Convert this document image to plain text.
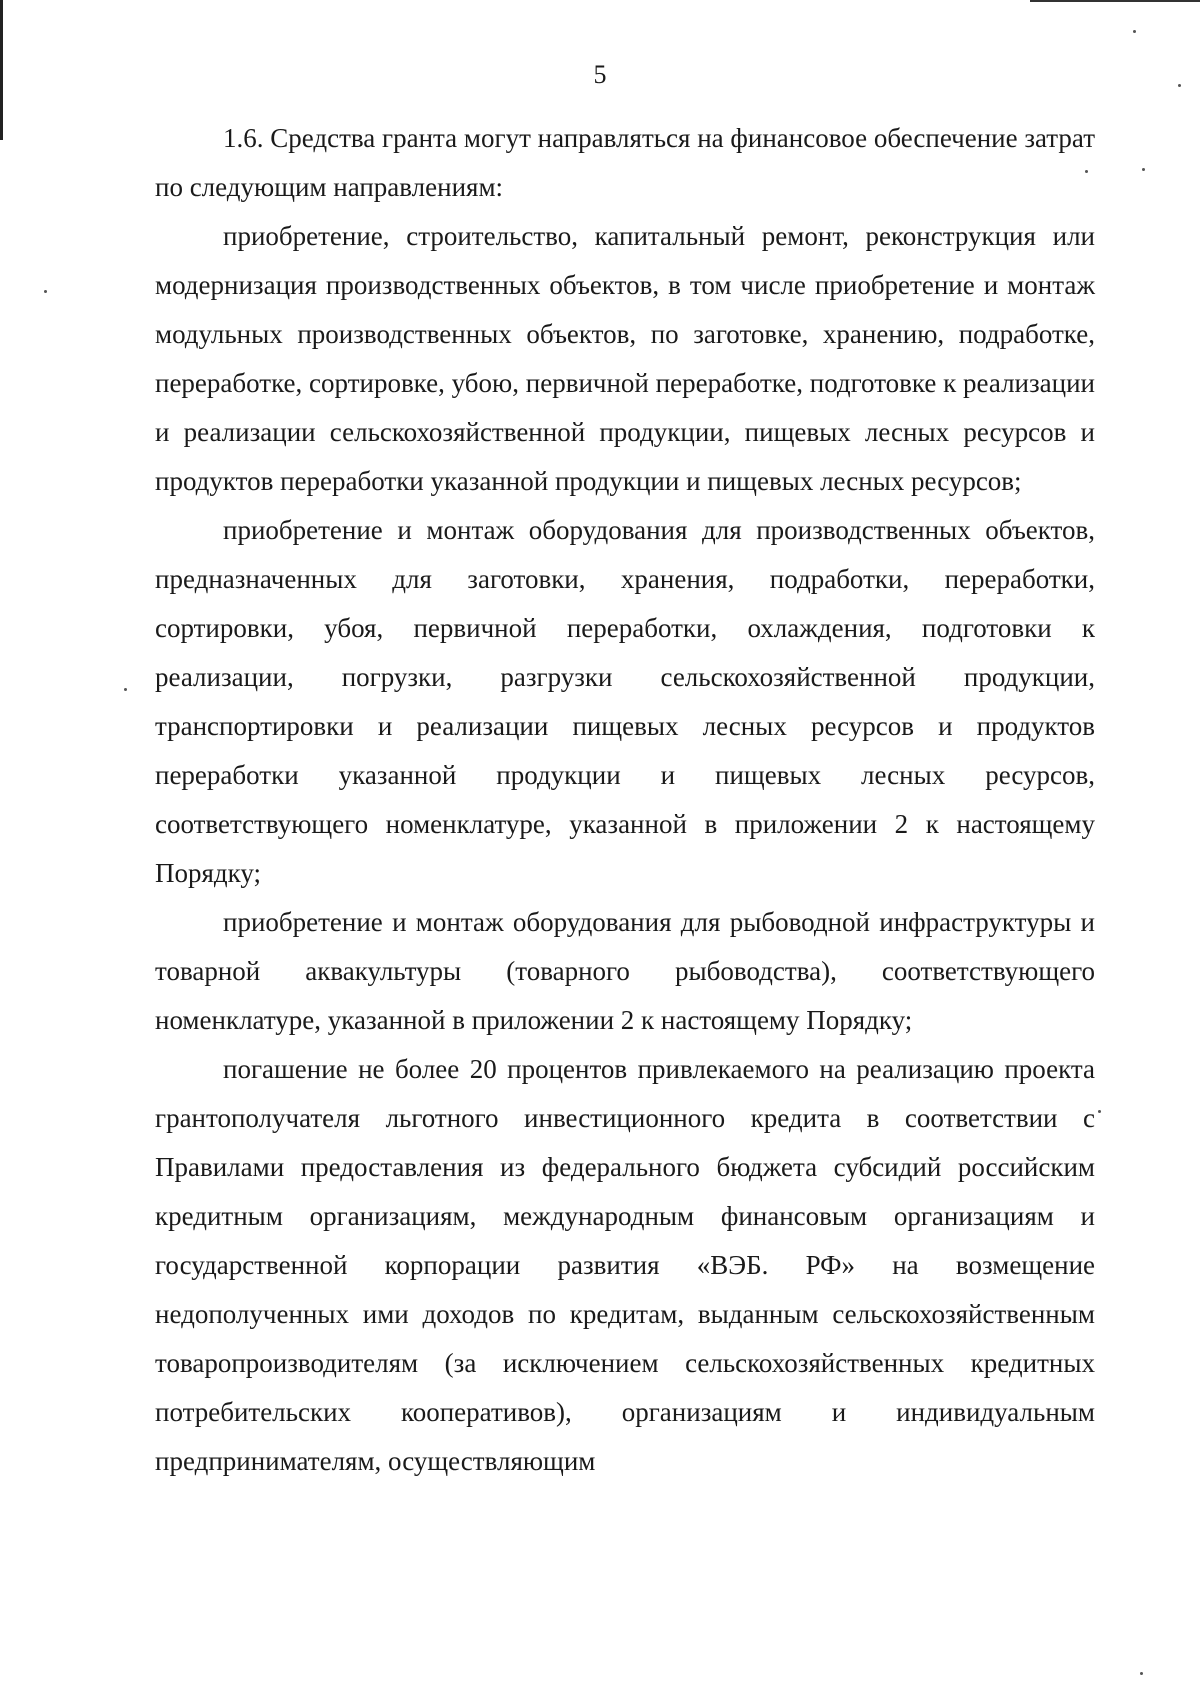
5

1.6. Средства гранта могут направляться на финансовое обеспечение затрат по следующим направлениям:

приобретение, строительство, капитальный ремонт, реконструкция или модернизация производственных объектов, в том числе приобретение и монтаж модульных производственных объектов, по заготовке, хранению, подработке, переработке, сортировке, убою, первичной переработке, подготовке к реализации и реализации сельскохозяйственной продукции, пищевых лесных ресурсов и продуктов переработки указанной продукции и пищевых лесных ресурсов;

приобретение и монтаж оборудования для производственных объектов, предназначенных для заготовки, хранения, подработки, переработки, сортировки, убоя, первичной переработки, охлаждения, подготовки к реализации, погрузки, разгрузки сельскохозяйственной продукции, транспортировки и реализации пищевых лесных ресурсов и продуктов переработки указанной продукции и пищевых лесных ресурсов, соответствующего номенклатуре, указанной в приложении 2 к настоящему Порядку;

приобретение и монтаж оборудования для рыбоводной инфраструктуры и товарной аквакультуры (товарного рыбоводства), соответствующего номенклатуре, указанной в приложении 2 к настоящему Порядку;

погашение не более 20 процентов привлекаемого на реализацию проекта грантополучателя льготного инвестиционного кредита в соответствии с Правилами предоставления из федерального бюджета субсидий российским кредитным организациям, международным финансовым организациям и государственной корпорации развития «ВЭБ. РФ» на возмещение недополученных ими доходов по кредитам, выданным сельскохозяйственным товаропроизводителям (за исключением сельскохозяйственных кредитных потребительских кооперативов), организациям и индивидуальным предпринимателям, осуществляющим
